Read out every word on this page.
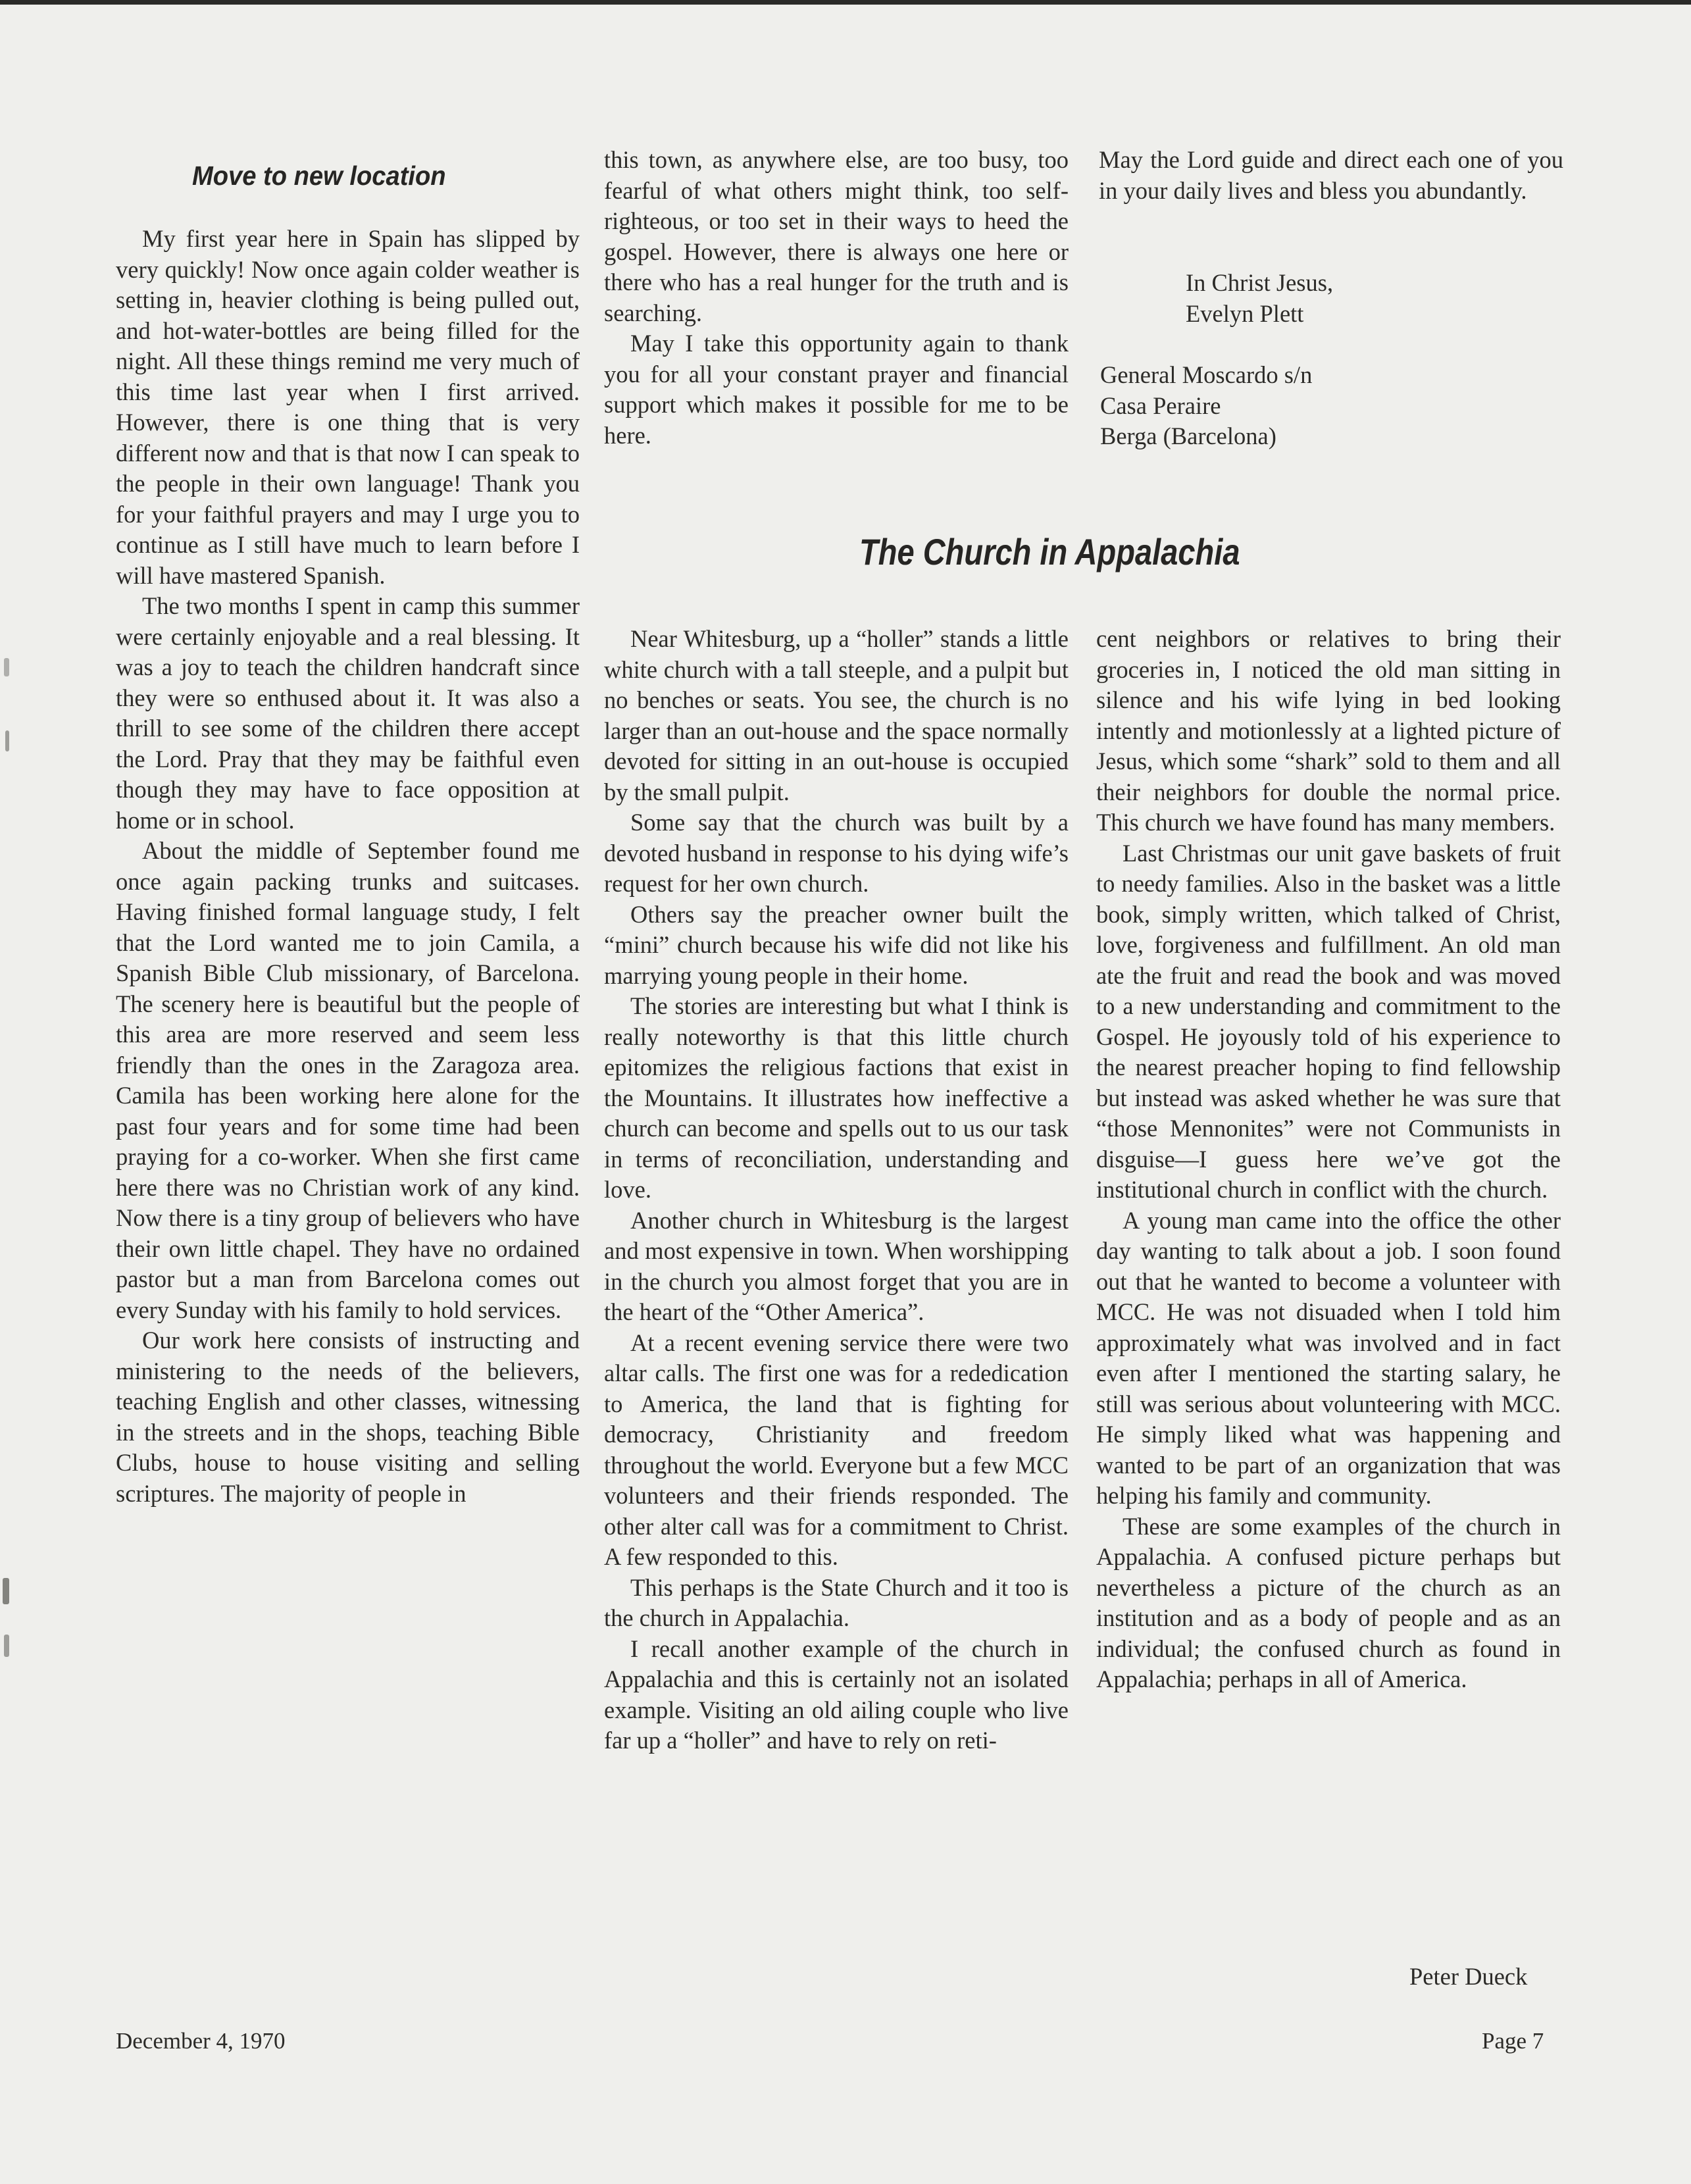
Move to new location

My first year here in Spain has slipped by very quickly! Now once again colder weather is setting in, heavier clothing is being pulled out, and hot-water-bottles are being filled for the night. All these things remind me very much of this time last year when I first arrived. However, there is one thing that is very different now and that is that now I can speak to the people in their own language! Thank you for your faithful prayers and may I urge you to continue as I still have much to learn before I will have mastered Spanish.

The two months I spent in camp this summer were certainly enjoyable and a real blessing. It was a joy to teach the children handcraft since they were so enthused about it. It was also a thrill to see some of the children there accept the Lord. Pray that they may be faithful even though they may have to face opposition at home or in school.

About the middle of September found me once again packing trunks and suitcases. Having finished formal language study, I felt that the Lord wanted me to join Camila, a Spanish Bible Club missionary, of Barcelona. The scenery here is beautiful but the people of this area are more reserved and seem less friendly than the ones in the Zaragoza area. Camila has been working here alone for the past four years and for some time had been praying for a co-worker. When she first came here there was no Christian work of any kind. Now there is a tiny group of believers who have their own little chapel. They have no ordained pastor but a man from Barcelona comes out every Sunday with his family to hold services.

Our work here consists of instructing and ministering to the needs of the believers, teaching English and other classes, witnessing in the streets and in the shops, teaching Bible Clubs, house to house visiting and selling scriptures. The majority of people in

this town, as anywhere else, are too busy, too fearful of what others might think, too self-righteous, or too set in their ways to heed the gospel. However, there is always one here or there who has a real hunger for the truth and is searching.

May I take this opportunity again to thank you for all your constant prayer and financial support which makes it possible for me to be here.

May the Lord guide and direct each one of you in your daily lives and bless you abundantly.

In Christ Jesus,
Evelyn Plett
General Moscardo s/n
Casa Peraire
Berga (Barcelona)
The Church in Appalachia

Near Whitesburg, up a “holler” stands a little white church with a tall steeple, and a pulpit but no benches or seats. You see, the church is no larger than an out-house and the space normally devoted for sitting in an out-house is occupied by the small pulpit.

Some say that the church was built by a devoted husband in response to his dying wife’s request for her own church.

Others say the preacher owner built the “mini” church because his wife did not like his marrying young people in their home.

The stories are interesting but what I think is really noteworthy is that this little church epitomizes the religious factions that exist in the Mountains. It illustrates how ineffective a church can become and spells out to us our task in terms of reconciliation, understanding and love.

Another church in Whitesburg is the largest and most expensive in town. When worshipping in the church you almost forget that you are in the heart of the “Other America”.

At a recent evening service there were two altar calls. The first one was for a rededication to America, the land that is fighting for democracy, Christianity and freedom throughout the world. Everyone but a few MCC volunteers and their friends responded. The other alter call was for a commitment to Christ. A few responded to this.

This perhaps is the State Church and it too is the church in Appalachia.

I recall another example of the church in Appalachia and this is certainly not an isolated example. Visiting an old ailing couple who live far up a “holler” and have to rely on reti-

cent neighbors or relatives to bring their groceries in, I noticed the old man sitting in silence and his wife lying in bed looking intently and motionlessly at a lighted picture of Jesus, which some “shark” sold to them and all their neighbors for double the normal price. This church we have found has many members.

Last Christmas our unit gave baskets of fruit to needy families. Also in the basket was a little book, simply written, which talked of Christ, love, forgiveness and fulfillment. An old man ate the fruit and read the book and was moved to a new understanding and commitment to the Gospel. He joyously told of his experience to the nearest preacher hoping to find fellowship but instead was asked whether he was sure that “those Mennonites” were not Communists in disguise—I guess here we’ve got the institutional church in conflict with the church.

A young man came into the office the other day wanting to talk about a job. I soon found out that he wanted to become a volunteer with MCC. He was not disuaded when I told him approximately what was involved and in fact even after I mentioned the starting salary, he still was serious about volunteering with MCC. He simply liked what was happening and wanted to be part of an organization that was helping his family and community.

These are some examples of the church in Appalachia. A confused picture perhaps but nevertheless a picture of the church as an institution and as a body of people and as an individual; the confused church as found in Appalachia; perhaps in all of America.

Peter Dueck
December 4, 1970	Page 7
